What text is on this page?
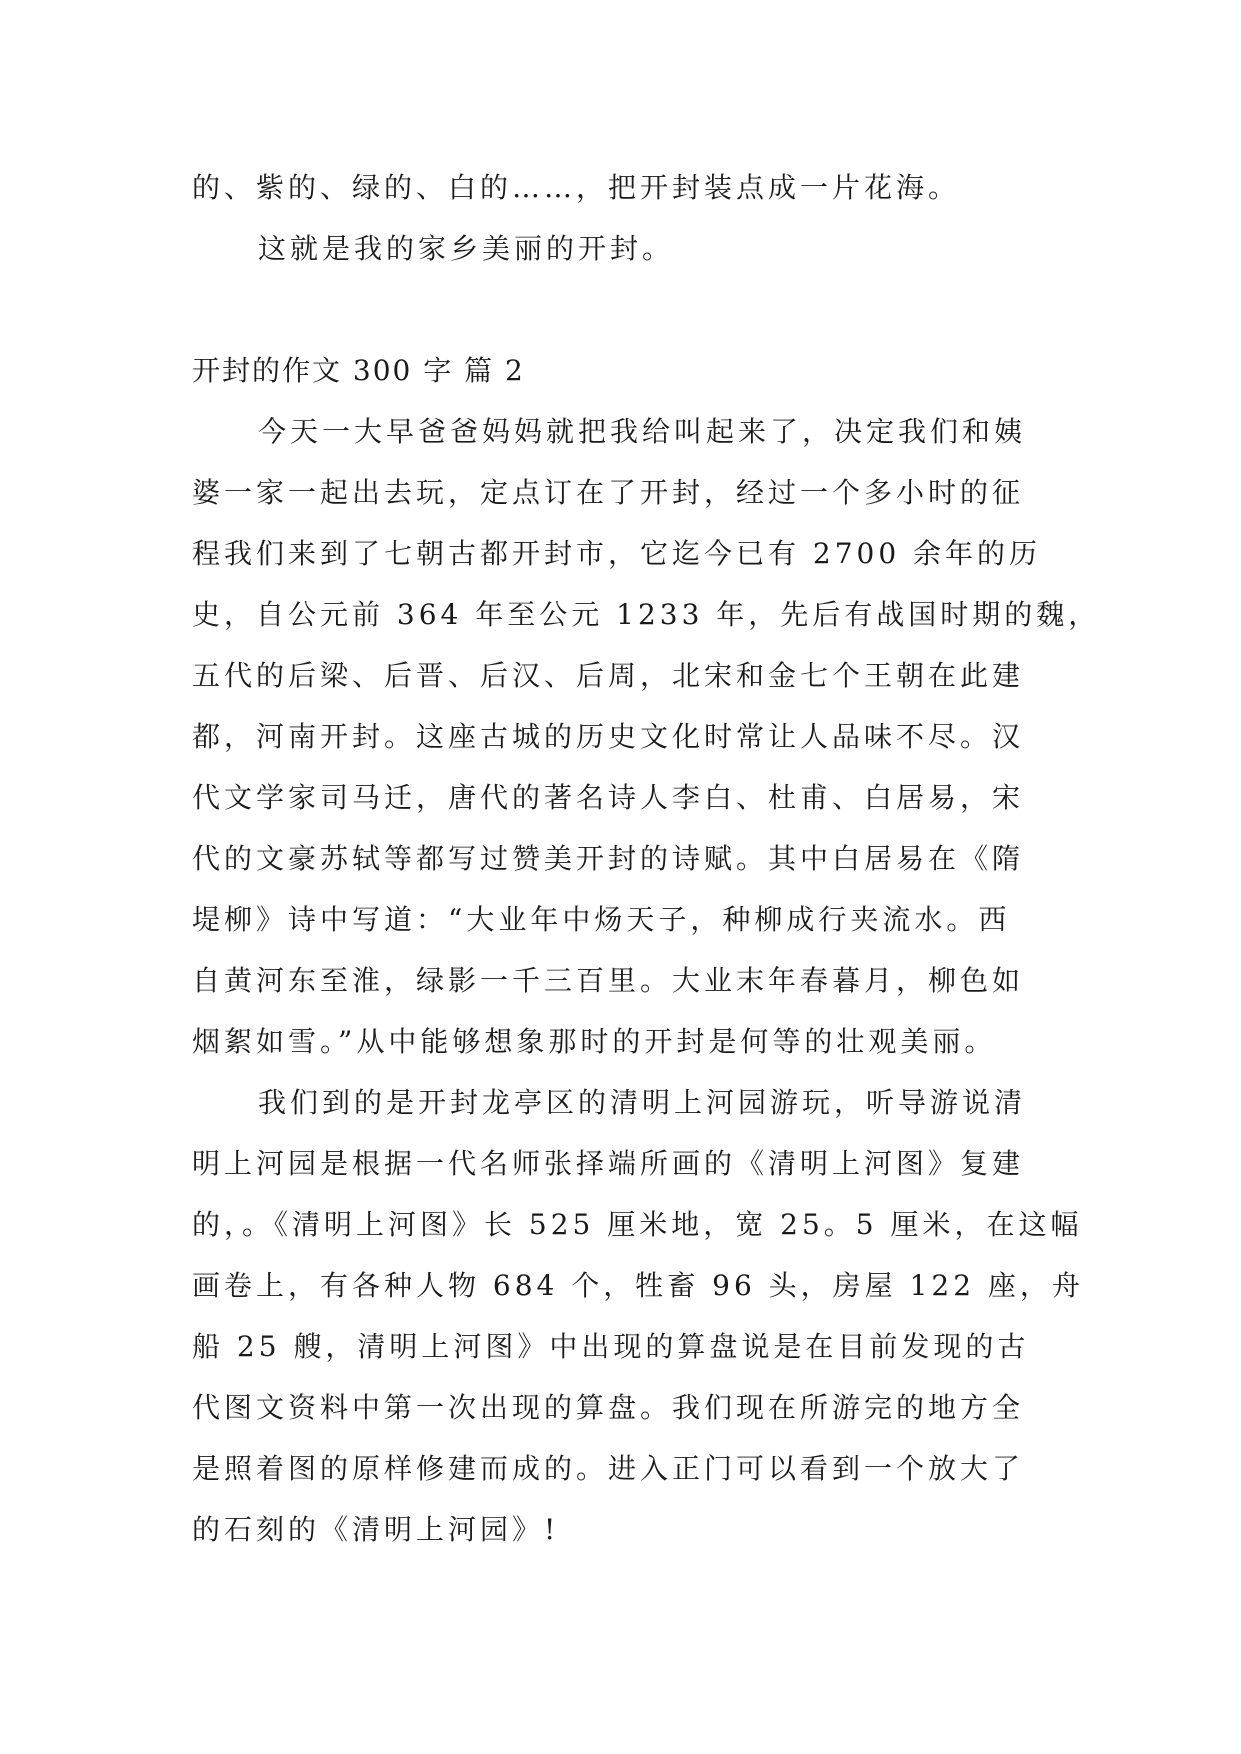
的、紫的、绿的、白的……，把开封装点成一片花海。
这就是我的家乡美丽的开封。
开封的作文 300 字 篇 2
今天一大早爸爸妈妈就把我给叫起来了，决定我们和姨
婆一家一起出去玩，定点订在了开封，经过一个多小时的征
程我们来到了七朝古都开封市，它迄今已有 2700 余年的历
史，自公元前 364 年至公元 1233 年，先后有战国时期的魏，
五代的后梁、后晋、后汉、后周，北宋和金七个王朝在此建
都，河南开封。这座古城的历史文化时常让人品味不尽。汉
代文学家司马迁，唐代的著名诗人李白、杜甫、白居易，宋
代的文豪苏轼等都写过赞美开封的诗赋。其中白居易在《隋
堤柳》诗中写道：“大业年中炀天子，种柳成行夹流水。西
自黄河东至淮，绿影一千三百里。大业末年春暮月，柳色如
烟絮如雪。”从中能够想象那时的开封是何等的壮观美丽。
我们到的是开封龙亭区的清明上河园游玩，听导游说清
明上河园是根据一代名师张择端所画的《清明上河图》复建
的，。《清明上河图》长 525 厘米地，宽 25。5 厘米，在这幅
画卷上，有各种人物 684 个，牲畜 96 头，房屋 122 座，舟
船 25 艘，清明上河图》中出现的算盘说是在目前发现的古
代图文资料中第一次出现的算盘。我们现在所游完的地方全
是照着图的原样修建而成的。进入正门可以看到一个放大了
的石刻的《清明上河园》!
